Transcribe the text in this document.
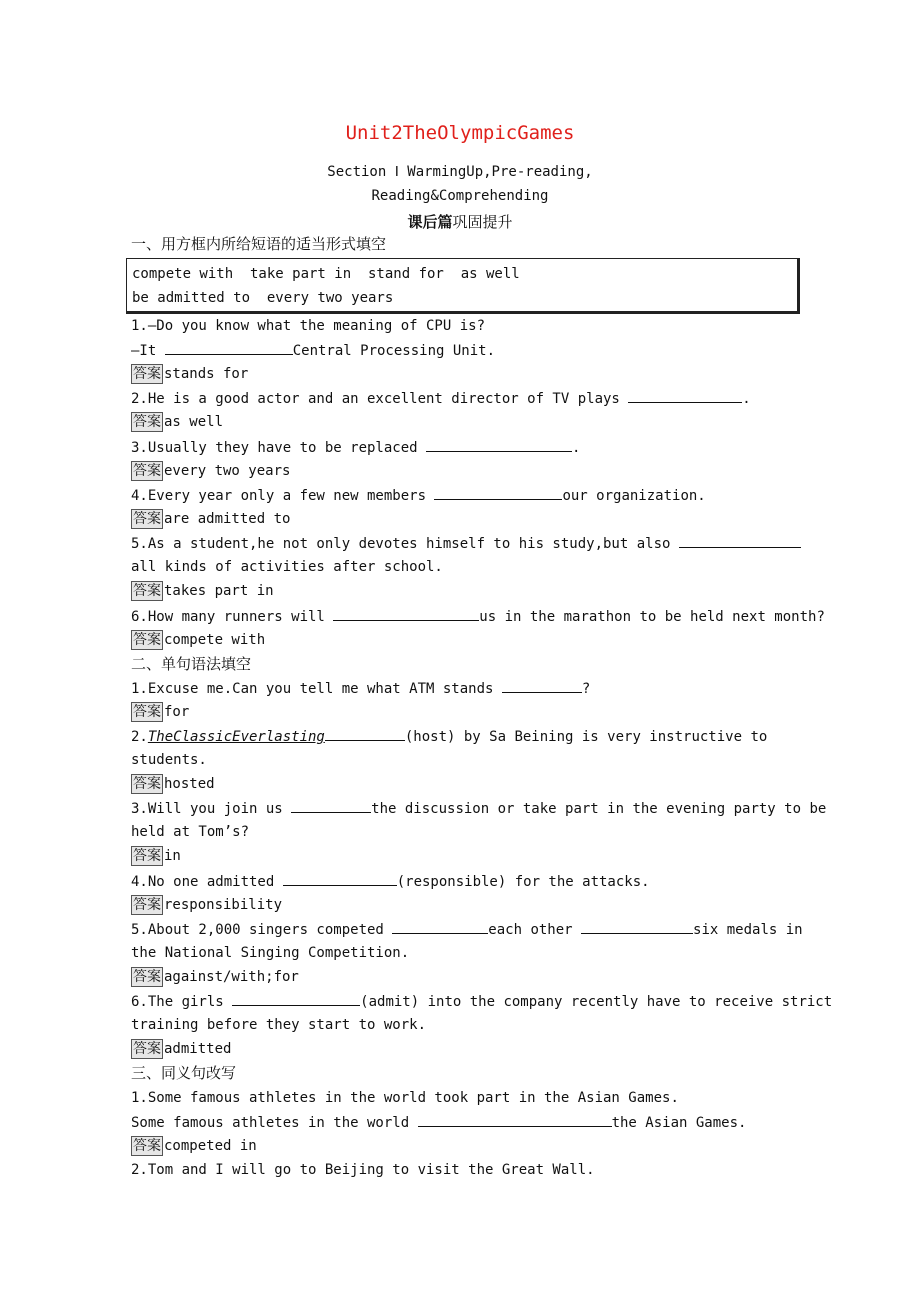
Unit2TheOlympicGames
Section Ⅰ WarmingUp,Pre-reading,
Reading&Comprehending
课后篇巩固提升
一、用方框内所给短语的适当形式填空
compete with  take part in  stand for  as well
be admitted to  every two years
1.—Do you know what the meaning of CPU is?
—It	Central Processing Unit.
答案 stands for
2.He is a good actor and an excellent director of TV plays	.
答案 as well
3.Usually they have to be replaced	.
答案 every two years
4.Every year only a few new members	our organization.
答案 are admitted to
5.As a student,he not only devotes himself to his study,but also
all kinds of activities after school.
答案 takes part in
6.How many runners will	us in the marathon to be held next month?
答案 compete with
二、单句语法填空
1.Excuse me.Can you tell me what ATM stands	?
答案 for
2.TheClassicEverlasting	(host) by Sa Beining is very instructive to
students.
答案 hosted
3.Will you join us	the discussion or take part in the evening party to be
held at Tom’s?
答案 in
4.No one admitted	(responsible) for the attacks.
答案 responsibility
5.About 2,000 singers competed	each other	six medals in
the National Singing Competition.
答案 against/with;for
6.The girls	(admit) into the company recently have to receive strict
training before they start to work.
答案 admitted
三、同义句改写
1.Some famous athletes in the world took part in the Asian Games.
Some famous athletes in the world	the Asian Games.
答案 competed in
2.Tom and I will go to Beijing to visit the Great Wall.
